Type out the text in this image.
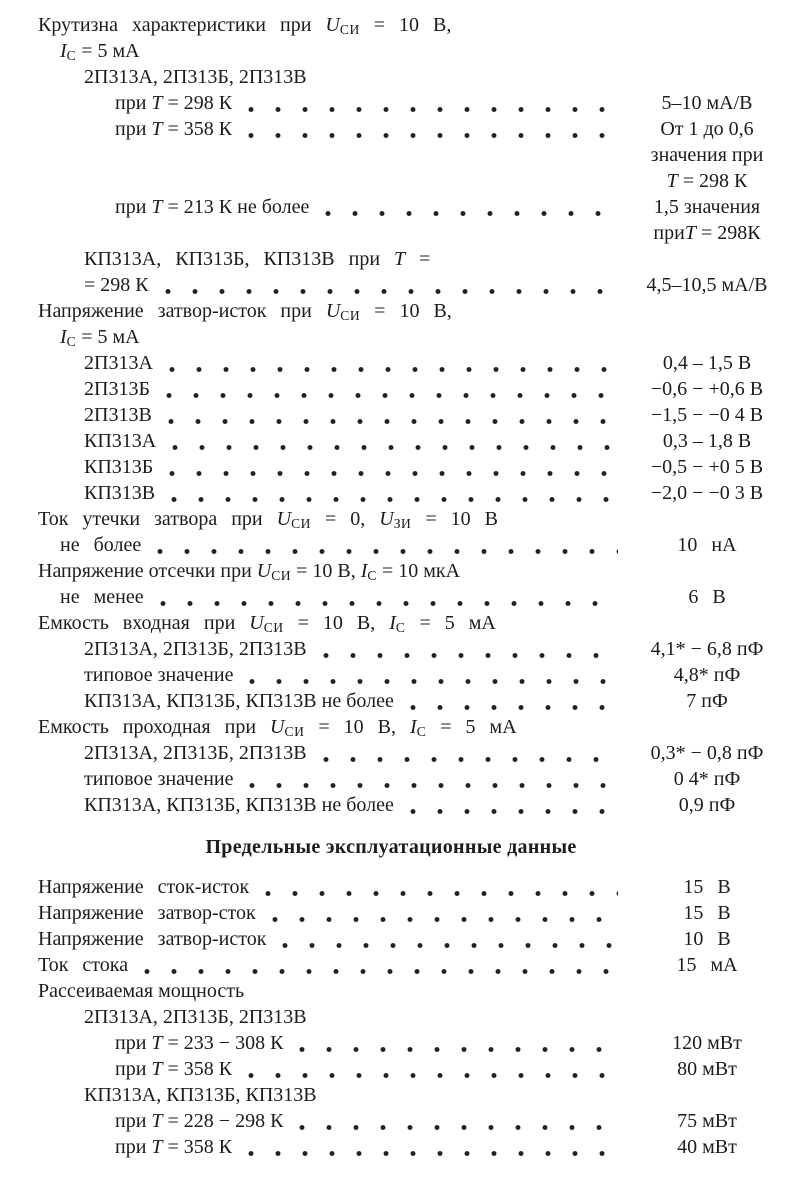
Крутизна характеристики при $U_{СИ} = 10$ В,
$I_С = 5$ мА
2П313А, 2П313Б, 2П313В
при T = 298 К	5–10 мА/В
при T = 358 К	От 1 до 0,6
значения при
T = 298 К
при T = 213 К не более	1,5 значения
приT = 298К
КП313А, КП313Б, КП313В при T =
= 298 К	4,5–10,5 мА/В
Напряжение затвор-исток при $U_{СИ} = 10$ В,
$I_С = 5$ мА
2П313А	0,4 – 1,5 В
2П313Б	−0,6 − +0,6 В
2П313В	−1,5 − −0 4 В
КП313А	0,3 – 1,8 В
КП313Б	−0,5 − +0 5 В
КП313В	−2,0 − −0 3 В
Ток утечки затвора при $U_{СИ} = 0$, $U_{ЗИ} = 10$ В
не более	10 нА
Напряжение отсечки при $U_{СИ} = 10$ В, $I_С = 10$ мкА
не менее	6 В
Емкость входная при $U_{СИ} = 10$ В, $I_С = 5$ мА
2П313А, 2П313Б, 2П313В	4,1* − 6,8 пФ
типовое значение	4,8* пФ
КП313А, КП313Б, КП313В не более	7 пФ
Емкость проходная при $U_{СИ} = 10$ В, $I_С = 5$ мА
2П313А, 2П313Б, 2П313В	0,3* − 0,8 пФ
типовое значение	0 4* пФ
КП313А, КП313Б, КП313В не более	0,9 пФ
Предельные эксплуатационные данные
Напряжение сток-исток	15 В
Напряжение затвор-сток	15 В
Напряжение затвор-исток	10 В
Ток стока	15 мА
Рассеиваемая мощность
2П313А, 2П313Б, 2П313В
при T = 233 − 308 К	120 мВт
при T = 358 К	80 мВт
КП313А, КП313Б, КП313В
при T = 228 − 298 К	75 мВт
при T = 358 К	40 мВт
